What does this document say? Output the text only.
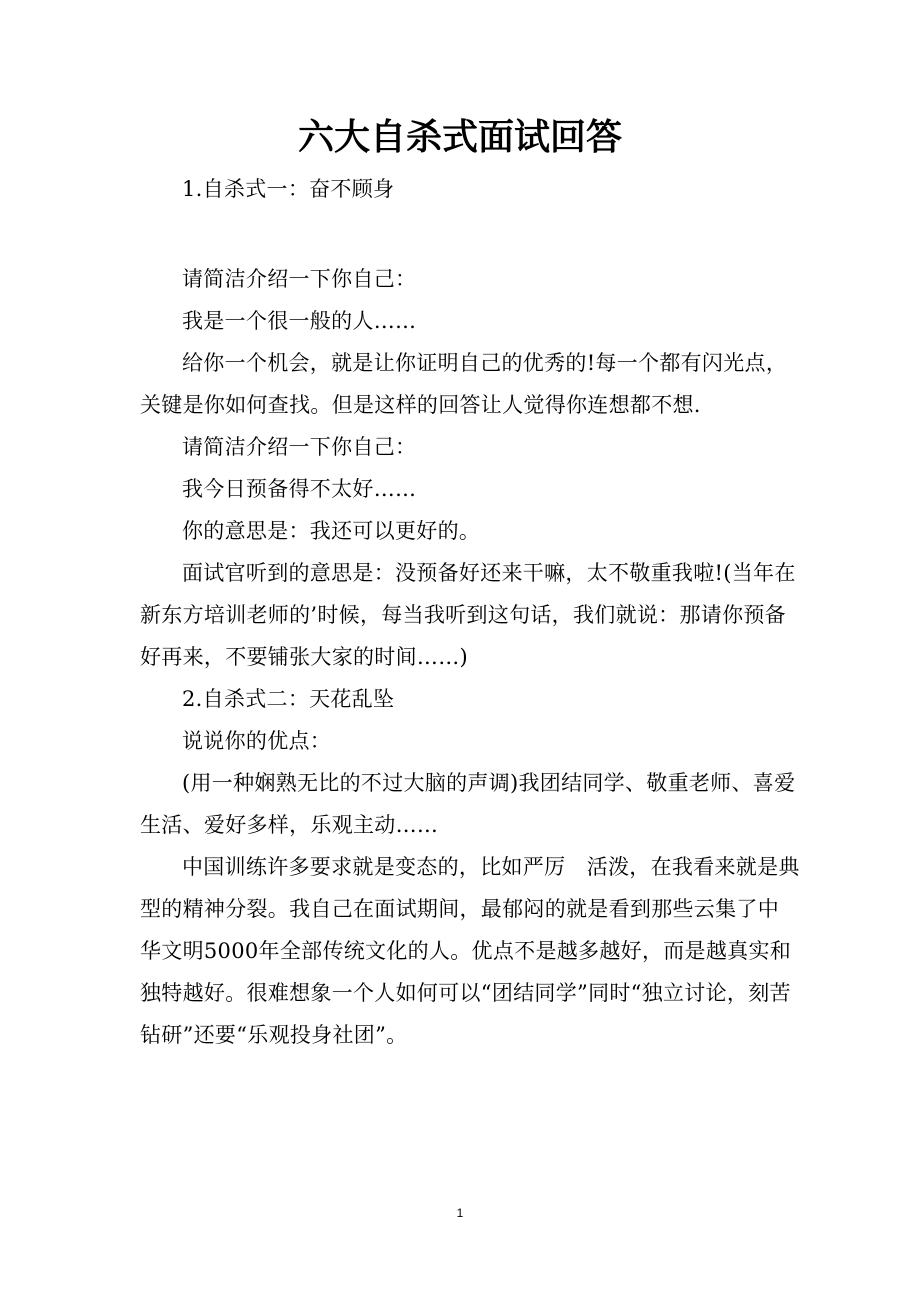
六大自杀式面试回答

1.自杀式一：奋不顾身

请简洁介绍一下你自己：

我是一个很一般的人……

给你一个机会，就是让你证明自己的优秀的!每一个都有闪光点，关键是你如何查找。但是这样的回答让人觉得你连想都不想.

请简洁介绍一下你自己：

我今日预备得不太好……

你的意思是：我还可以更好的。

面试官听到的意思是：没预备好还来干嘛，太不敬重我啦!(当年在新东方培训老师的’时候，每当我听到这句话，我们就说：那请你预备好再来，不要铺张大家的时间……)

2.自杀式二：天花乱坠

说说你的优点：

(用一种娴熟无比的不过大脑的声调)我团结同学、敬重老师、喜爱生活、爱好多样，乐观主动……

中国训练许多要求就是变态的，比如严厉　活泼，在我看来就是典型的精神分裂。我自己在面试期间，最郁闷的就是看到那些云集了中华文明5000年全部传统文化的人。优点不是越多越好，而是越真实和独特越好。很难想象一个人如何可以“团结同学”同时“独立讨论，刻苦钻研”还要“乐观投身社团”。

1
